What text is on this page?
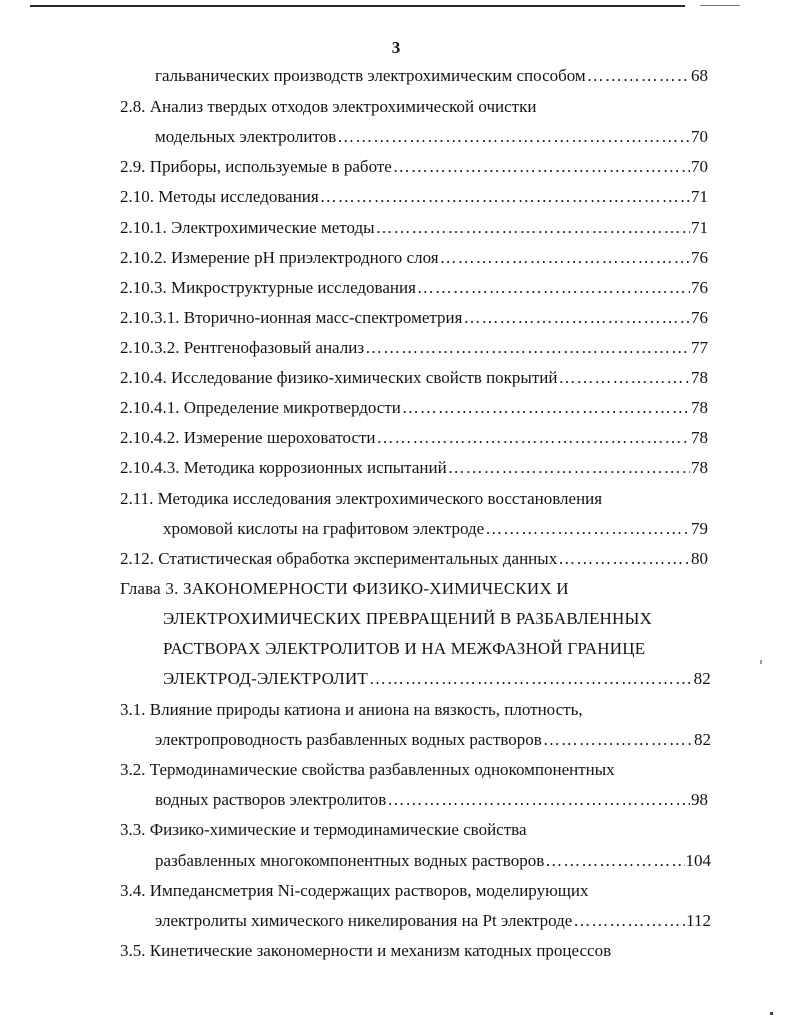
3
гальванических производств электрохимическим способом ……………………………………………………………………………………………………………………………………………………………………………………………………	68
2.8. Анализ твердых отходов электрохимической очистки
модельных электролитов ……………………………………………………………………………………………………………………………………………………………………………………………………	70
2.9. Приборы, используемые в работе ……………………………………………………………………………………………………………………………………………………………………………………………………	70
2.10. Методы исследования ……………………………………………………………………………………………………………………………………………………………………………………………………	71
2.10.1. Электрохимические методы ……………………………………………………………………………………………………………………………………………………………………………………………………	71
2.10.2. Измерение pH приэлектродного слоя ……………………………………………………………………………………………………………………………………………………………………………………………………	76
2.10.3. Микроструктурные исследования ……………………………………………………………………………………………………………………………………………………………………………………………………	76
2.10.3.1. Вторично-ионная масс-спектрометрия ……………………………………………………………………………………………………………………………………………………………………………………………………	76
2.10.3.2. Рентгенофазовый анализ ……………………………………………………………………………………………………………………………………………………………………………………………………	77
2.10.4. Исследование физико-химических свойств покрытий ……………………………………………………………………………………………………………………………………………………………………………………………………	78
2.10.4.1. Определение микротвердости ……………………………………………………………………………………………………………………………………………………………………………………………………	78
2.10.4.2. Измерение шероховатости ……………………………………………………………………………………………………………………………………………………………………………………………………	78
2.10.4.3. Методика коррозионных испытаний ……………………………………………………………………………………………………………………………………………………………………………………………………	78
2.11. Методика исследования электрохимического восстановления
хромовой кислоты на графитовом электроде ……………………………………………………………………………………………………………………………………………………………………………………………………	79
2.12. Статистическая обработка экспериментальных данных ……………………………………………………………………………………………………………………………………………………………………………………………………	80
Глава 3. ЗАКОНОМЕРНОСТИ ФИЗИКО-ХИМИЧЕСКИХ И
ЭЛЕКТРОХИМИЧЕСКИХ ПРЕВРАЩЕНИЙ В РАЗБАВЛЕННЫХ
РАСТВОРАХ ЭЛЕКТРОЛИТОВ И НА МЕЖФАЗНОЙ ГРАНИЦЕ
ЭЛЕКТРОД-ЭЛЕКТРОЛИТ ……………………………………………………………………………………………………………………………………………………………………………………………………	82
3.1. Влияние природы катиона и аниона на вязкость, плотность,
электропроводность разбавленных водных растворов ……………………………………………………………………………………………………………………………………………………………………………………………………	82
3.2. Термодинамические свойства разбавленных однокомпонентных
водных растворов электролитов ……………………………………………………………………………………………………………………………………………………………………………………………………	98
3.3. Физико-химические и термодинамические свойства
разбавленных многокомпонентных водных растворов ……………………………………………………………………………………………………………………………………………………………………………………………………	104
3.4. Импедансметрия Ni-содержащих растворов, моделирующих
электролиты химического никелирования на Pt электроде ……………………………………………………………………………………………………………………………………………………………………………………………………	112
3.5. Кинетические закономерности и механизм катодных процессов
